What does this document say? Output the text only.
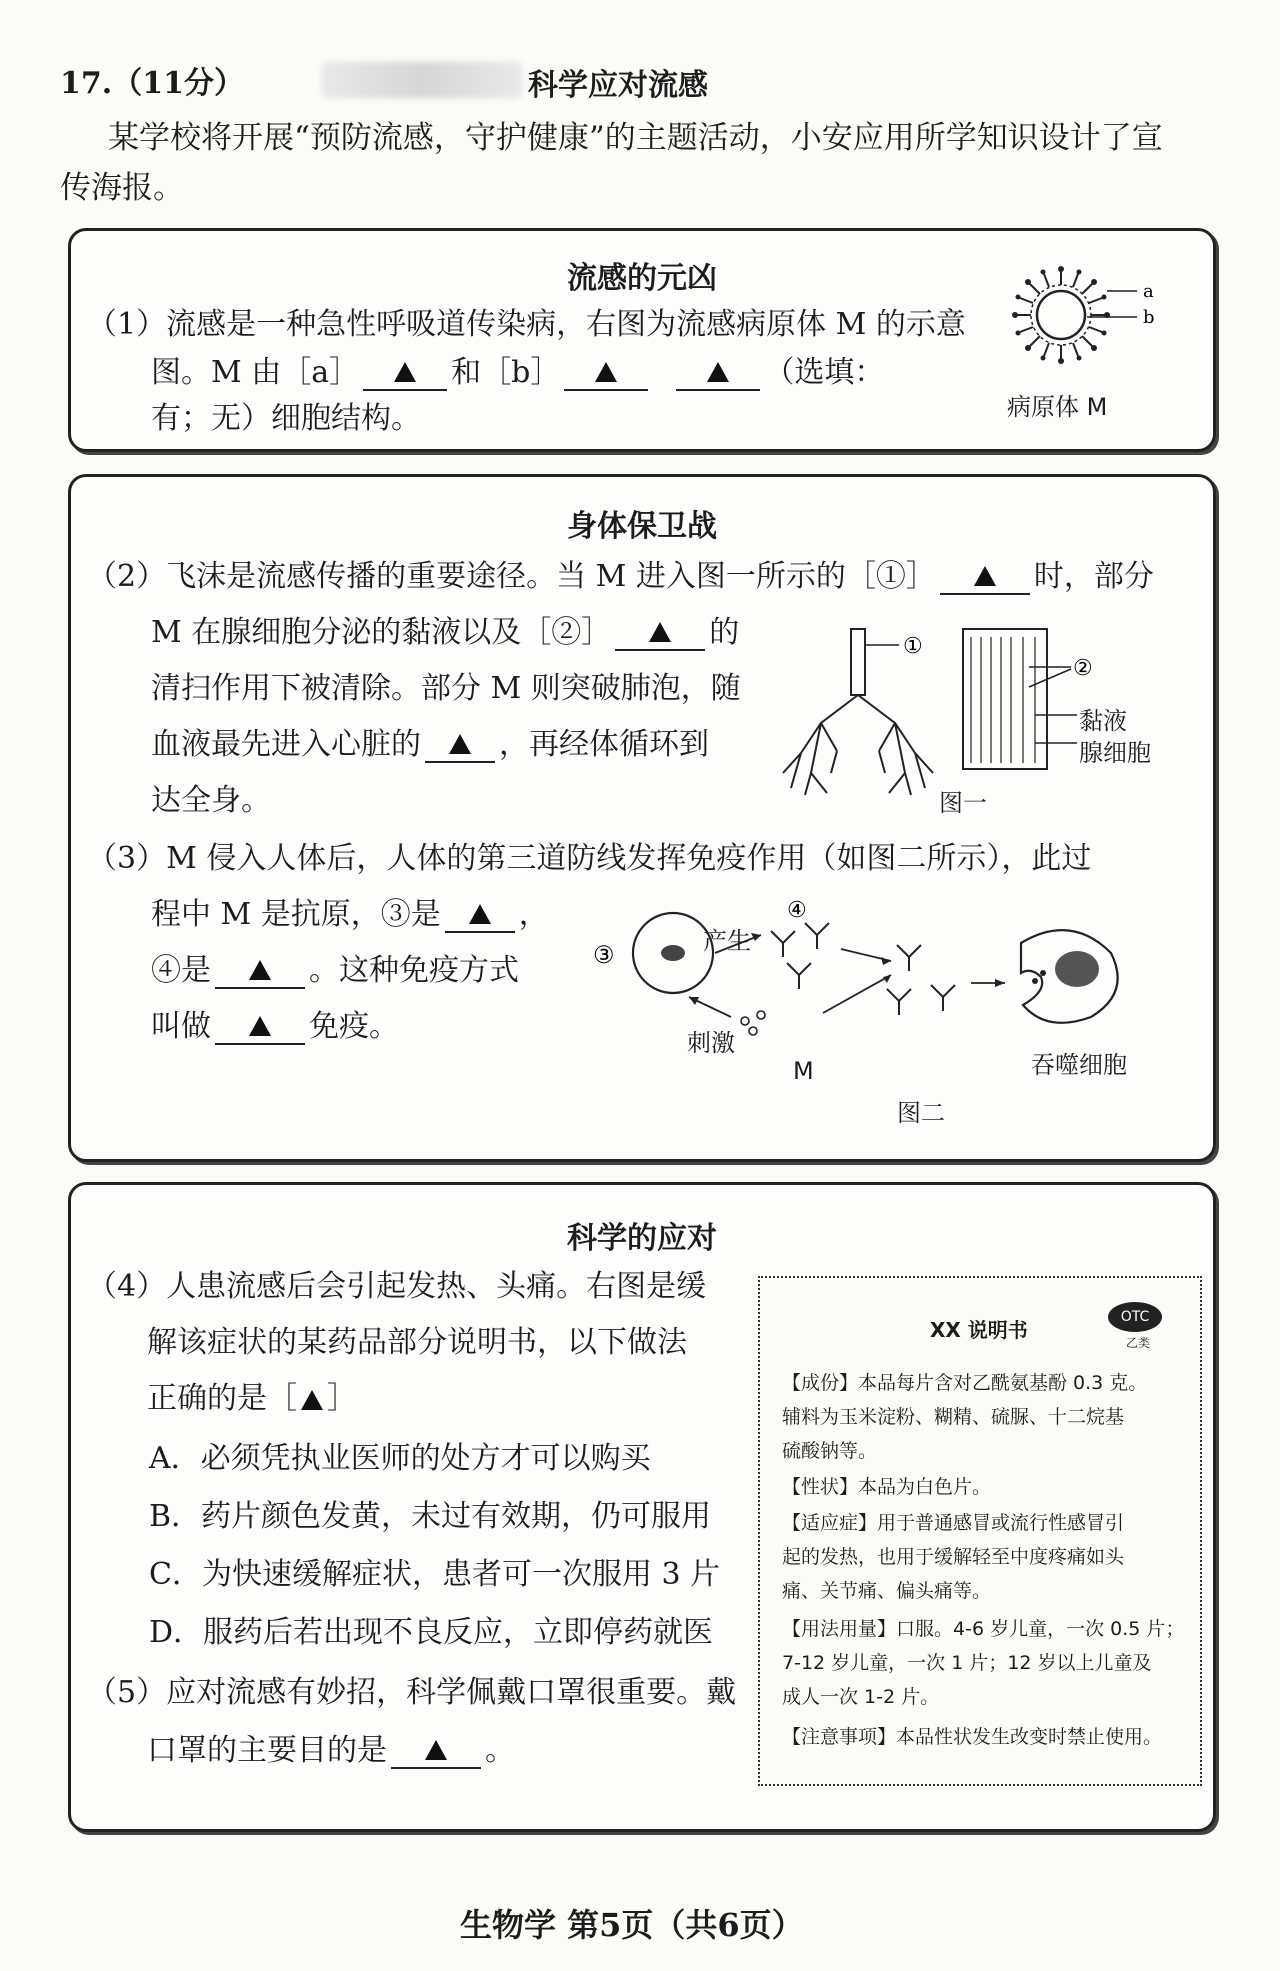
17.（11分）	科学应对流感
某学校将开展“预防流感，守护健康”的主题活动，小安应用所学知识设计了宣
传海报。
流感的元凶
（1）流感是一种急性呼吸道传染病，右图为流感病原体 M 的示意
图。M 由［a］	和［b］	（选填：
有；无）细胞结构。
a
b
病原体 M
身体保卫战
（2）飞沫是流感传播的重要途径。当 M 进入图一所示的［①］	时，部分
M 在腺细胞分泌的黏液以及［②］	的
清扫作用下被清除。部分 M 则突破肺泡，随
血液最先进入心脏的	，再经体循环到
达全身。
①
②
黏液
腺细胞
图一
（3）M 侵入人体后，人体的第三道防线发挥免疫作用（如图二所示），此过
程中 M 是抗原，③是	，
④是	。这种免疫方式
叫做	免疫。
③
④
产生
刺激
M	吞噬细胞
图二
科学的应对
（4）人患流感后会引起发热、头痛。右图是缓
解该症状的某药品部分说明书，以下做法
正确的是［ ］
A．必须凭执业医师的处方才可以购买
B．药片颜色发黄，未过有效期，仍可服用
C．为快速缓解症状，患者可一次服用 3 片
D．服药后若出现不良反应，立即停药就医
（5）应对流感有妙招，科学佩戴口罩很重要。戴
口罩的主要目的是	。
XX 说明书
OTC
乙类
【成份】本品每片含对乙酰氨基酚 0.3 克。
辅料为玉米淀粉、糊精、硫脲、十二烷基
硫酸钠等。
【性状】本品为白色片。
【适应症】用于普通感冒或流行性感冒引
起的发热，也用于缓解轻至中度疼痛如头
痛、关节痛、偏头痛等。
【用法用量】口服。4-6 岁儿童，一次 0.5 片；
7-12 岁儿童，一次 1 片；12 岁以上儿童及
成人一次 1-2 片。
【注意事项】本品性状发生改变时禁止使用。
生物学 第5页（共6页）
